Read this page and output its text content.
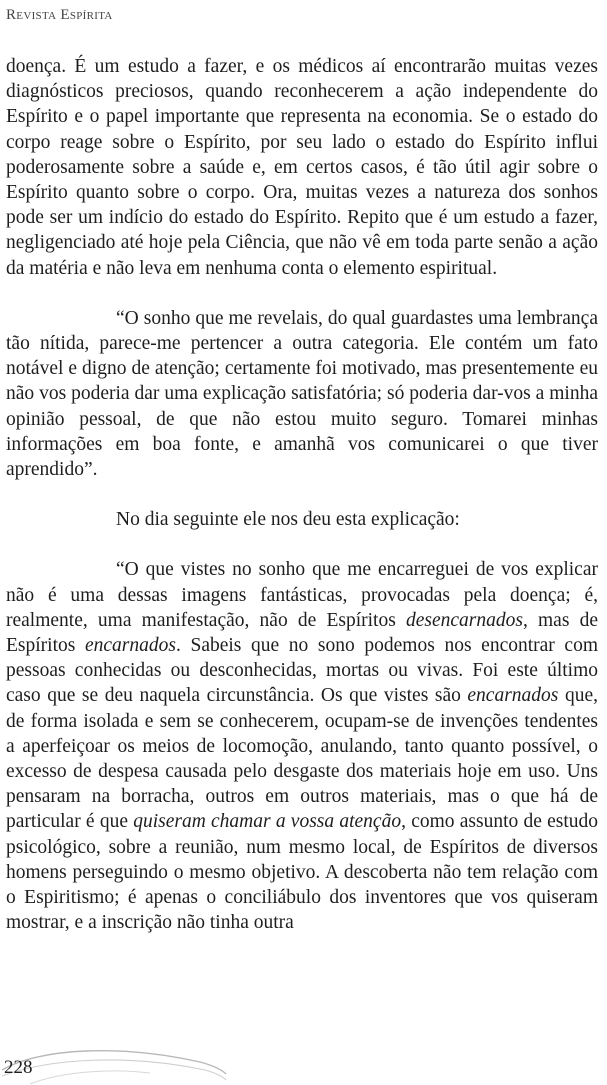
Revista Espírita

doença. É um estudo a fazer, e os médicos aí encontrarão muitas vezes diagnósticos preciosos, quando reconhecerem a ação independente do Espírito e o papel importante que representa na economia. Se o estado do corpo reage sobre o Espírito, por seu lado o estado do Espírito influi poderosamente sobre a saúde e, em certos casos, é tão útil agir sobre o Espírito quanto sobre o corpo. Ora, muitas vezes a natureza dos sonhos pode ser um indício do estado do Espírito. Repito que é um estudo a fazer, negligenciado até hoje pela Ciência, que não vê em toda parte senão a ação da matéria e não leva em nenhuma conta o elemento espiritual.

“O sonho que me revelais, do qual guardastes uma lembrança tão nítida, parece-me pertencer a outra categoria. Ele contém um fato notável e digno de atenção; certamente foi motivado, mas presentemente eu não vos poderia dar uma explicação satisfatória; só poderia dar-vos a minha opinião pessoal, de que não estou muito seguro. Tomarei minhas informações em boa fonte, e amanhã vos comunicarei o que tiver aprendido”.

No dia seguinte ele nos deu esta explicação:

“O que vistes no sonho que me encarreguei de vos explicar não é uma dessas imagens fantásticas, provocadas pela doença; é, realmente, uma manifestação, não de Espíritos desencarnados, mas de Espíritos encarnados. Sabeis que no sono podemos nos encontrar com pessoas conhecidas ou desconhecidas, mortas ou vivas. Foi este último caso que se deu naquela circunstância. Os que vistes são encarnados que, de forma isolada e sem se conhecerem, ocupam-se de invenções tendentes a aperfeiçoar os meios de locomoção, anulando, tanto quanto possível, o excesso de despesa causada pelo desgaste dos materiais hoje em uso. Uns pensaram na borracha, outros em outros materiais, mas o que há de particular é que quiseram chamar a vossa atenção, como assunto de estudo psicológico, sobre a reunião, num mesmo local, de Espíritos de diversos homens perseguindo o mesmo objetivo. A descoberta não tem relação com o Espiritismo; é apenas o conciliábulo dos inventores que vos quiseram mostrar, e a inscrição não tinha outra

228
